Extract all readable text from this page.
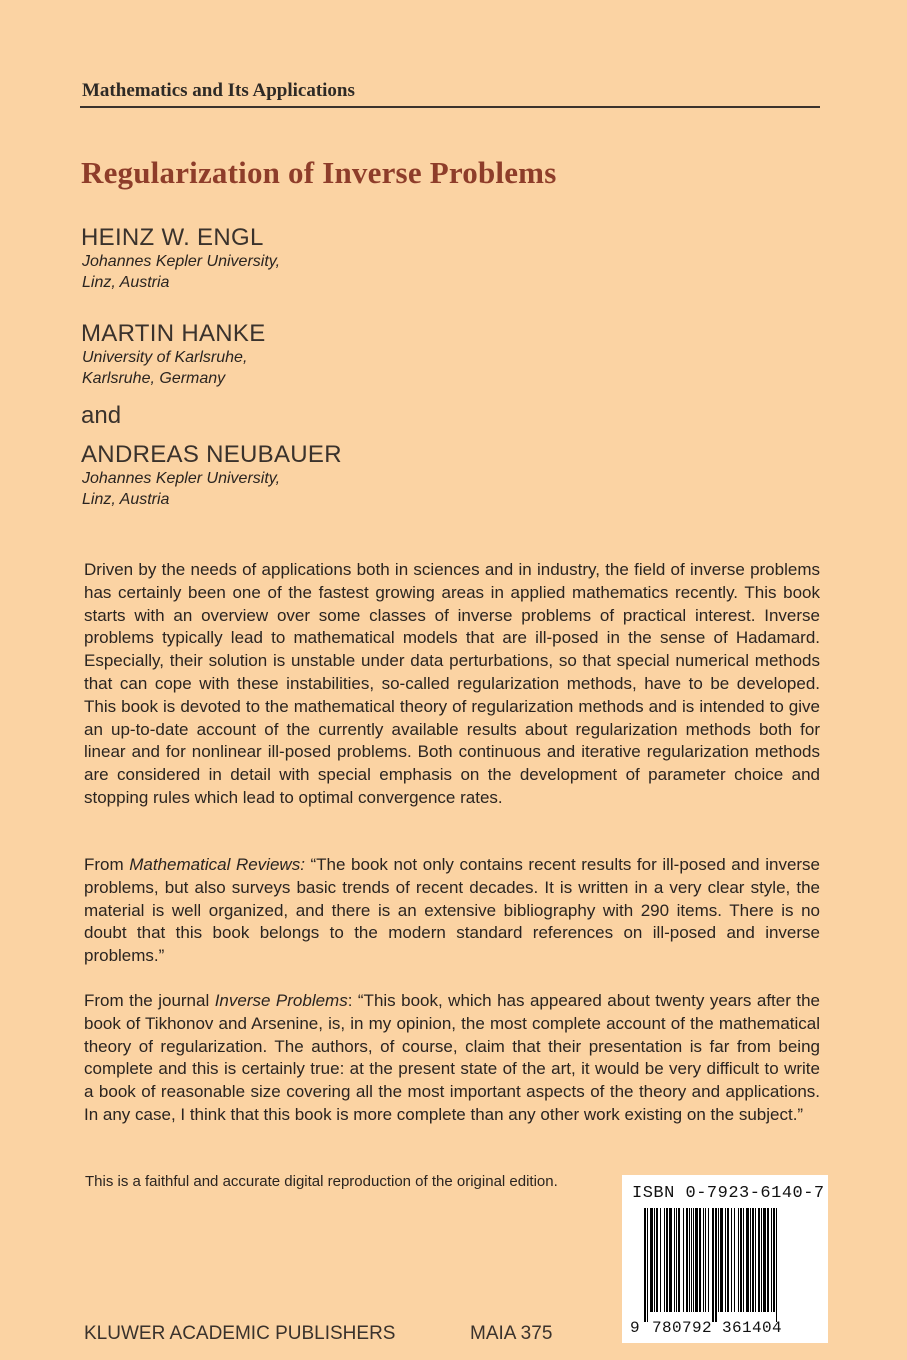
Mathematics and Its Applications
Regularization of Inverse Problems
HEINZ W. ENGL
Johannes Kepler University,
Linz, Austria
MARTIN HANKE
University of Karlsruhe,
Karlsruhe, Germany
and
ANDREAS NEUBAUER
Johannes Kepler University,
Linz, Austria

Driven by the needs of applications both in sciences and in industry, the field of inverse problems has certainly been one of the fastest growing areas in applied mathematics recently. This book starts with an overview over some classes of inverse problems of practical interest. Inverse problems typically lead to mathematical models that are ill-posed in the sense of Hadamard. Especially, their solution is unstable under data perturbations, so that special numerical methods that can cope with these instabilities, so-called regularization methods, have to be developed. This book is devoted to the mathematical theory of regularization methods and is intended to give an up-to-date account of the currently available results about regularization methods both for linear and for nonlinear ill-posed problems. Both continuous and iterative regularization methods are considered in detail with special emphasis on the development of parameter choice and stopping rules which lead to optimal convergence rates.

From Mathematical Reviews: “The book not only contains recent results for ill-posed and inverse problems, but also surveys basic trends of recent decades. It is written in a very clear style, the material is well organized, and there is an extensive bibliography with 290 items. There is no doubt that this book belongs to the modern standard references on ill-posed and inverse problems.”

From the journal Inverse Problems: “This book, which has appeared about twenty years after the book of Tikhonov and Arsenine, is, in my opinion, the most complete account of the mathematical theory of regularization. The authors, of course, claim that their presentation is far from being complete and this is certainly true: at the present state of the art, it would be very difficult to write a book of reasonable size covering all the most important aspects of the theory and applications. In any case, I think that this book is more complete than any other work existing on the subject.”

This is a faithful and accurate digital reproduction of the original edition.
ISBN 0-7923-6140-7
9 780792 361404
KLUWER ACADEMIC PUBLISHERS	MAIA 375
